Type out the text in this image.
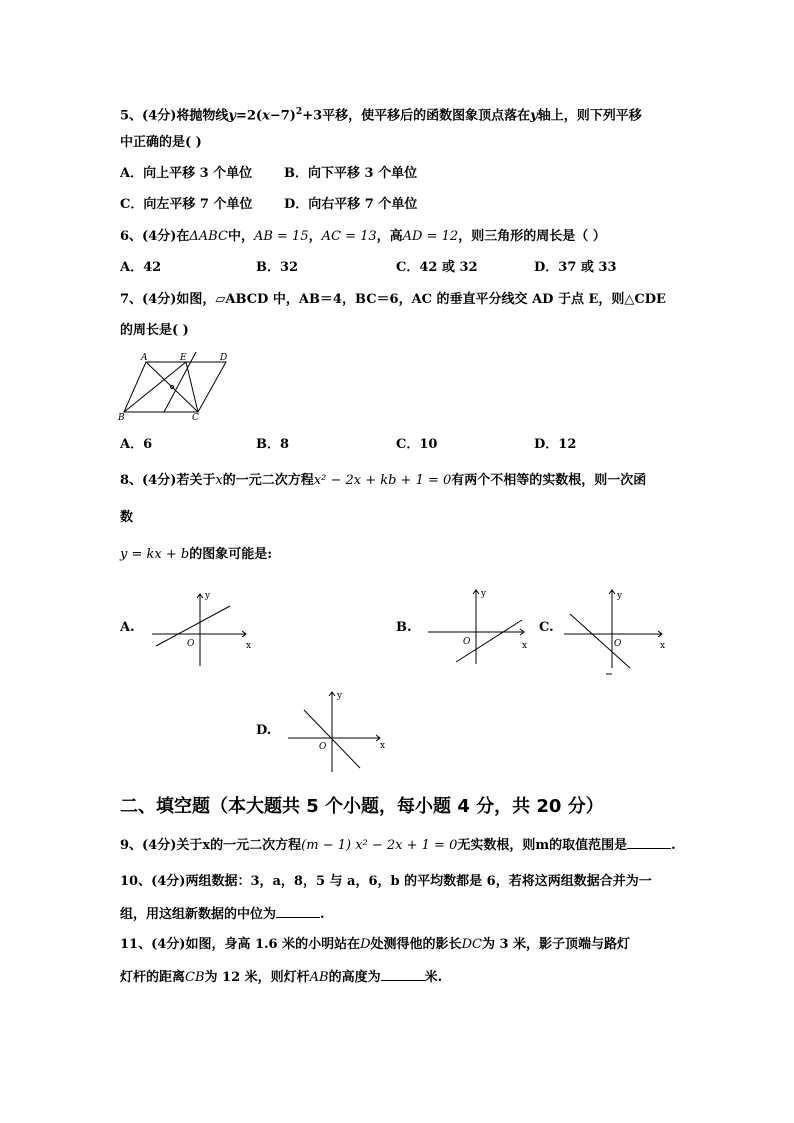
5、(4分)将抛物线$y=2(x-7)^2+3$平移，使平移后的函数图象顶点落在y轴上，则下列平移
中正确的是( )
A．向上平移 3 个单位 B．向下平移 3 个单位
C．向左平移 7 个单位 D．向右平移 7 个单位
6、(4分)在ΔABC中，AB = 15，AC = 13，高AD = 12，则三角形的周长是（ ）
A．42	B．32	C．42 或 32	D．37 或 33
7、(4分)如图，▱ABCD 中，AB＝4，BC＝6，AC 的垂直平分线交 AD 于点 E，则△CDE
的周长是( )
A	E	D
B	C
A．6	B．8	C．10	D．12
8、(4分)若关于x的一元二次方程x² − 2x + kb + 1 = 0有两个不相等的实数根，则一次函
数
y = kx + b的图象可能是:
A.
y
x
O
B.
y
x
O
C.
y
x
O
D.
y
x
O
二、填空题（本大题共 5 个小题，每小题 4 分，共 20 分）
9、(4分)关于x的一元二次方程(m − 1) x² − 2x + 1 = 0无实数根，则m的取值范围是	.
10、(4分)两组数据：3，a，8，5 与 a，6，b 的平均数都是 6，若将这两组数据合并为一
组，用这组新数据的中位为	.
11、(4分)如图，身高 1.6 米的小明站在D处测得他的影长DC为 3 米，影子顶端与路灯
灯杆的距离CB为 12 米，则灯杆AB的高度为	米.
